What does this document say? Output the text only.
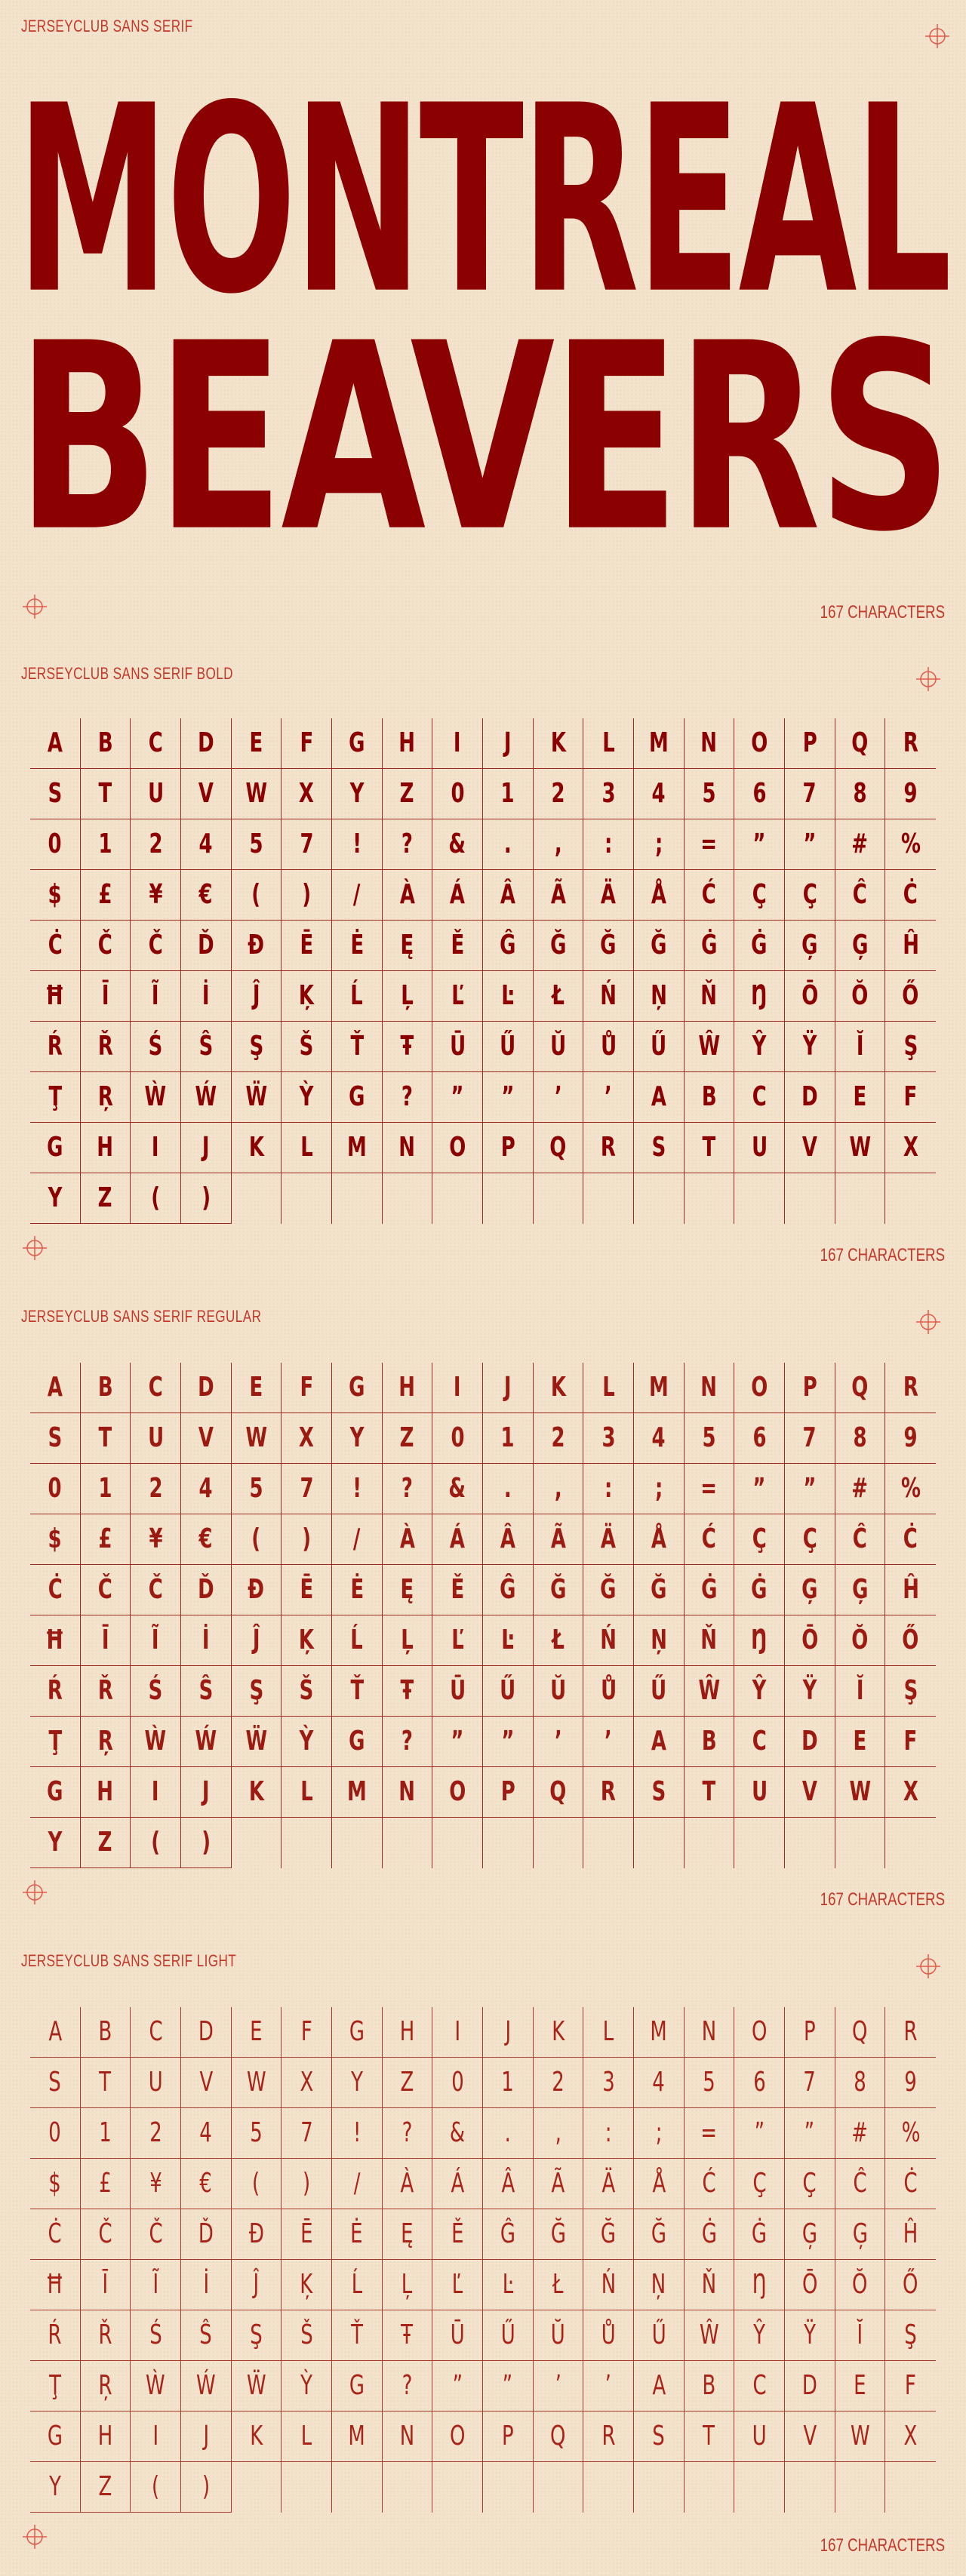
JERSEYCLUB SANS SERIF
MONTREAL
BEAVERS
167 CHARACTERS
JERSEYCLUB SANS SERIF BOLD
A B C D E F G H I J K L M N O P Q R
S T U V W X Y Z 0 1 2 3 4 5 6 7 8 9
0 1 2 4 5 7 ! ? & . , : ; = ” ” # %
$ £ ¥ € ( ) / À Á Â Ã Ä Å Ć Ç Ç Ĉ Ċ
Ċ Č Č Ď Đ Ē Ė Ę Ě Ĝ Ğ Ğ Ğ Ġ Ġ Ģ Ģ Ĥ
Ħ Ī Ĩ İ Ĵ Ķ Ĺ Ļ Ľ Ŀ Ł Ń Ņ Ň Ŋ Ō Ŏ Ő
Ŕ Ř Ś Ŝ Ş Š Ť Ŧ Ū Ű Ŭ Ů Ű Ŵ Ŷ Ÿ Ĭ Ş
Ţ Ŗ Ẁ Ẃ Ẅ Ỳ G ? ” ” ’ ’ A B C D E F
G H I J K L M N O P Q R S T U V W X
Y Z ( )
167 CHARACTERS
JERSEYCLUB SANS SERIF REGULAR
A B C D E F G H I J K L M N O P Q R
S T U V W X Y Z 0 1 2 3 4 5 6 7 8 9
0 1 2 4 5 7 ! ? & . , : ; = ” ” # %
$ £ ¥ € ( ) / À Á Â Ã Ä Å Ć Ç Ç Ĉ Ċ
Ċ Č Č Ď Đ Ē Ė Ę Ě Ĝ Ğ Ğ Ğ Ġ Ġ Ģ Ģ Ĥ
Ħ Ī Ĩ İ Ĵ Ķ Ĺ Ļ Ľ Ŀ Ł Ń Ņ Ň Ŋ Ō Ŏ Ő
Ŕ Ř Ś Ŝ Ş Š Ť Ŧ Ū Ű Ŭ Ů Ű Ŵ Ŷ Ÿ Ĭ Ş
Ţ Ŗ Ẁ Ẃ Ẅ Ỳ G ? ” ” ’ ’ A B C D E F
G H I J K L M N O P Q R S T U V W X
Y Z ( )
167 CHARACTERS
JERSEYCLUB SANS SERIF LIGHT
A B C D E F G H I J K L M N O P Q R
S T U V W X Y Z 0 1 2 3 4 5 6 7 8 9
0 1 2 4 5 7 ! ? & . , : ; = ” ” # %
$ £ ¥ € ( ) / À Á Â Ã Ä Å Ć Ç Ç Ĉ Ċ
Ċ Č Č Ď Đ Ē Ė Ę Ě Ĝ Ğ Ğ Ğ Ġ Ġ Ģ Ģ Ĥ
Ħ Ī Ĩ İ Ĵ Ķ Ĺ Ļ Ľ Ŀ Ł Ń Ņ Ň Ŋ Ō Ŏ Ő
Ŕ Ř Ś Ŝ Ş Š Ť Ŧ Ū Ű Ŭ Ů Ű Ŵ Ŷ Ÿ Ĭ Ş
Ţ Ŗ Ẁ Ẃ Ẅ Ỳ G ? ” ” ’ ’ A B C D E F
G H I J K L M N O P Q R S T U V W X
Y Z ( )
167 CHARACTERS
